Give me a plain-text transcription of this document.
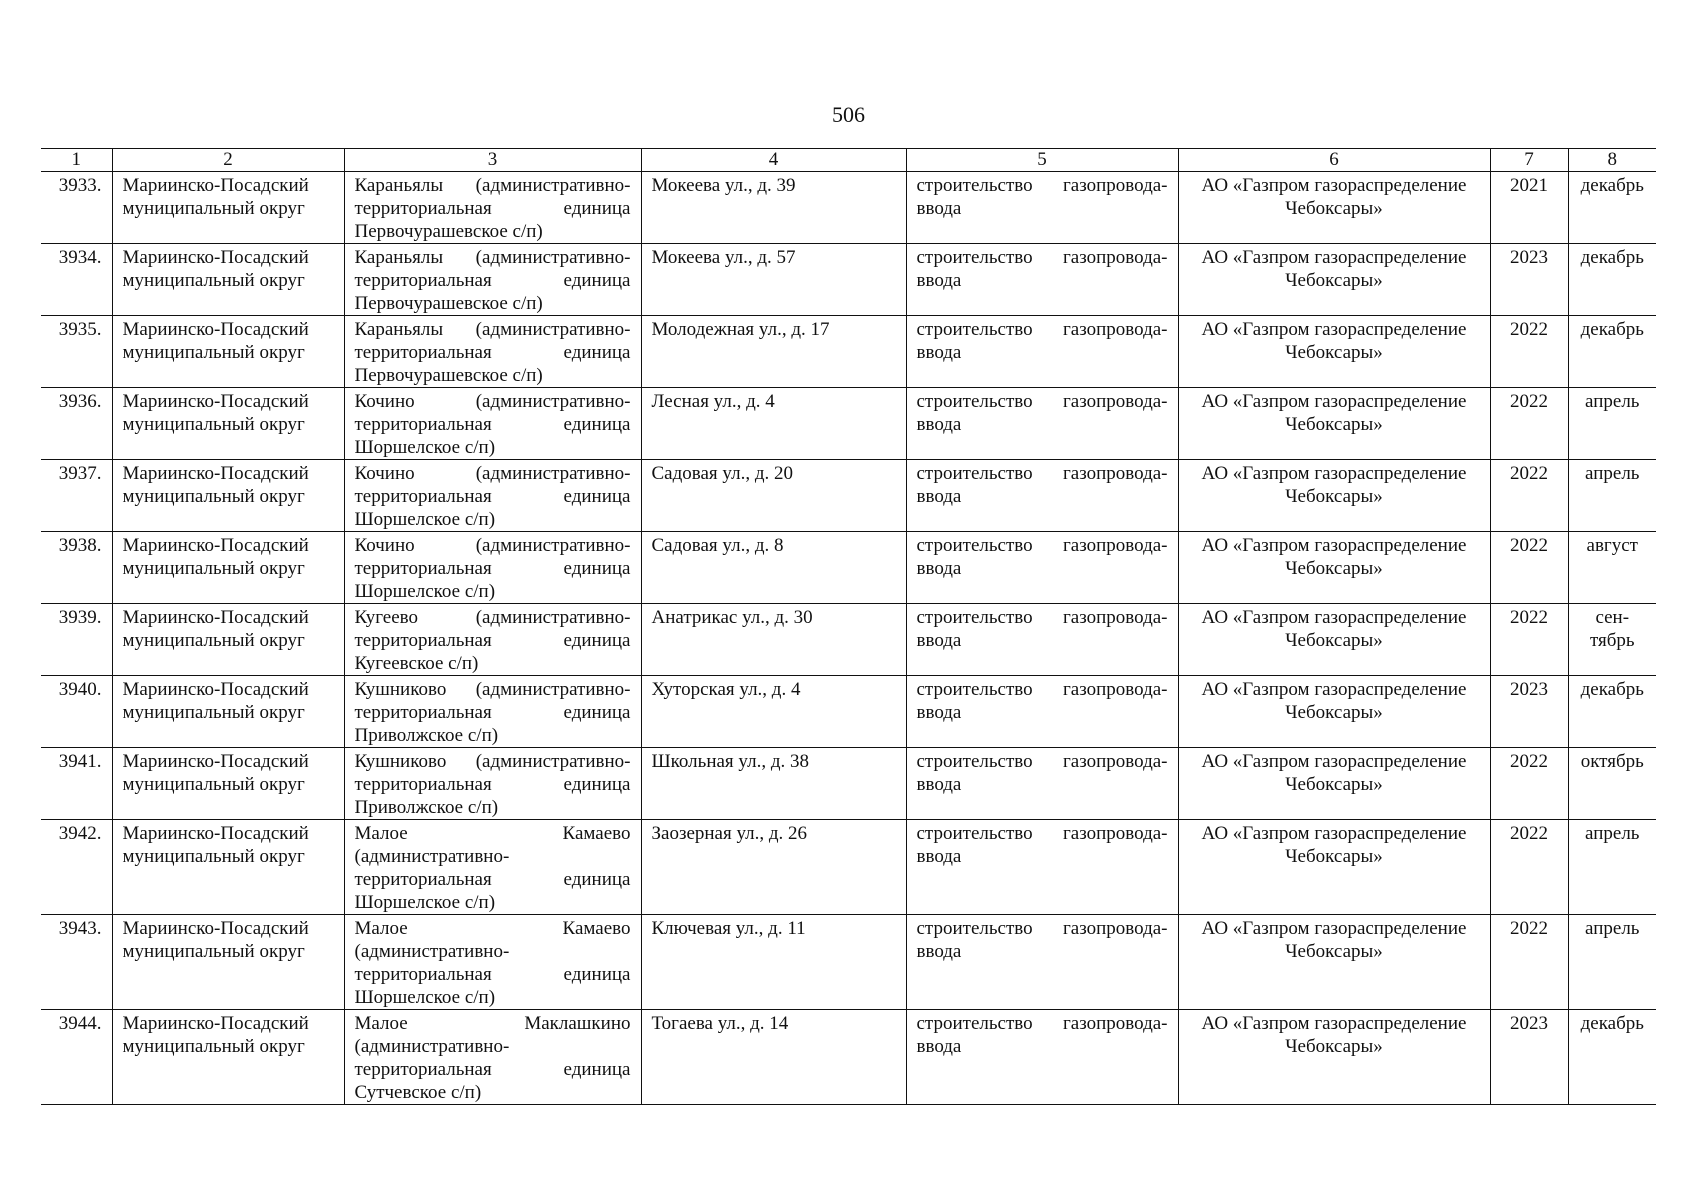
506
1	2	3	4	5	6	7	8
3933.	Мариинско-Посадский муниципальный округ	Караньялы (административно-территориальная единица Первочурашевское с/п)	Мокеева ул., д. 39	строительство газопровода-ввода	АО «Газпром газораспределение Чебоксары»	2021	декабрь
3934.	Мариинско-Посадский муниципальный округ	Караньялы (административно-территориальная единица Первочурашевское с/п)	Мокеева ул., д. 57	строительство газопровода-ввода	АО «Газпром газораспределение Чебоксары»	2023	декабрь
3935.	Мариинско-Посадский муниципальный округ	Караньялы (административно-территориальная единица Первочурашевское с/п)	Молодежная ул., д. 17	строительство газопровода-ввода	АО «Газпром газораспределение Чебоксары»	2022	декабрь
3936.	Мариинско-Посадский муниципальный округ	Кочино (административно-территориальная единица Шоршелское с/п)	Лесная ул., д. 4	строительство газопровода-ввода	АО «Газпром газораспределение Чебоксары»	2022	апрель
3937.	Мариинско-Посадский муниципальный округ	Кочино (административно-территориальная единица Шоршелское с/п)	Садовая ул., д. 20	строительство газопровода-ввода	АО «Газпром газораспределение Чебоксары»	2022	апрель
3938.	Мариинско-Посадский муниципальный округ	Кочино (административно-территориальная единица Шоршелское с/п)	Садовая ул., д. 8	строительство газопровода-ввода	АО «Газпром газораспределение Чебоксары»	2022	август
3939.	Мариинско-Посадский муниципальный округ	Кугеево (административно-территориальная единица Кугеевское с/п)	Анатрикас ул., д. 30	строительство газопровода-ввода	АО «Газпром газораспределение Чебоксары»	2022	сен-тябрь
3940.	Мариинско-Посадский муниципальный округ	Кушниково (административно-территориальная единица Приволжское с/п)	Хуторская ул., д. 4	строительство газопровода-ввода	АО «Газпром газораспределение Чебоксары»	2023	декабрь
3941.	Мариинско-Посадский муниципальный округ	Кушниково (административно-территориальная единица Приволжское с/п)	Школьная ул., д. 38	строительство газопровода-ввода	АО «Газпром газораспределение Чебоксары»	2022	октябрь
3942.	Мариинско-Посадский муниципальный округ	Малое Камаево (административно-территориальная единица Шоршелское с/п)	Заозерная ул., д. 26	строительство газопровода-ввода	АО «Газпром газораспределение Чебоксары»	2022	апрель
3943.	Мариинско-Посадский муниципальный округ	Малое Камаево (административно-территориальная единица Шоршелское с/п)	Ключевая ул., д. 11	строительство газопровода-ввода	АО «Газпром газораспределение Чебоксары»	2022	апрель
3944.	Мариинско-Посадский муниципальный округ	Малое Маклашкино (административно-территориальная единица Сутчевское с/п)	Тогаева ул., д. 14	строительство газопровода-ввода	АО «Газпром газораспределение Чебоксары»	2023	декабрь
